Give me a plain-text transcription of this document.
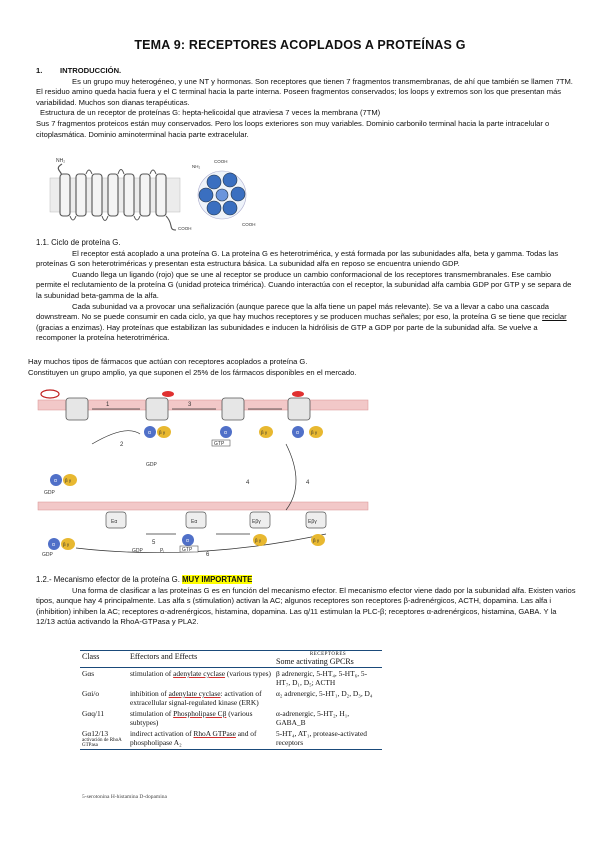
TEMA 9: RECEPTORES ACOPLADOS A PROTEÍNAS G

1. INTRODUCCIÓN.

Es un grupo muy heterogéneo, y une NT y hormonas. Son receptores que tienen 7 fragmentos transmembranas, de ahí que también se llamen 7TM. El residuo amino queda hacia fuera y el C terminal hacia la parte interna. Poseen fragmentos conservados; los loops y extremos son los que presentan más variabilidad. Muchos son dianas terapéuticas.

Estructura de un receptor de proteínas G: hepta-helicoidal que atraviesa 7 veces la membrana (7TM)

Sus 7 fragmentos proteicos están muy conservados. Pero los loops exteriores son muy variables. Dominio carbonilo terminal hacia la parte intracelular o citoplasmática. Dominio aminoterminal hacia parte extracelular.

NH₂
COOH
NH₂
COOH
COOH

1.1. Ciclo de proteína G.

El receptor está acoplado a una proteína G. La proteína G es heterotrimérica, y está formada por las subunidades alfa, beta y gamma. Todas las proteínas G son heterotriméricas y presentan esta estructura básica. La subunidad alfa en reposo se encuentra uniendo GDP.

Cuando llega un ligando (rojo) que se une al receptor se produce un cambio conformacional de los receptores transmembranales. Ese cambio permite el reclutamiento de la proteína G (unidad proteica trimérica). Cuando interactúa con el receptor, la subunidad alfa cambia GDP por GTP y se separa de la subunidad beta-gamma de la alfa.

Cada subunidad va a provocar una señalización (aunque parece que la alfa tiene un papel más relevante). Se va a llevar a cabo una cascada downstream. No se puede consumir en cada ciclo, ya que hay muchos receptores y se producen muchas señales; por eso, la proteína G se tiene que reciclar (gracias a enzimas). Hay proteínas que estabilizan las subunidades e inducen la hidrólisis de GTP a GDP por parte de la subunidad alfa. Se vuelve a recomponer la proteína heterotrimérica.

Hay muchos tipos de fármacos que actúan con receptores acoplados a proteína G.

Constituyen un grupo amplio, ya que suponen el 25% de los fármacos disponibles en el mercado.

1
2
3
4	4
5
6
α β γ
GDP
α β γ
GDP
α
GTP
β γ	α	β γ
Eα	Eα	Eβγ	Eβγ
α β γ
GDP
GDP	Pᵢ
α
GTP
β γ	β γ

1.2.- Mecanismo efector de la proteína G. MUY IMPORTANTE

Una forma de clasificar a las proteínas G es en función del mecanismo efector. El mecanismo efector viene dado por la subunidad alfa. Existen varios tipos, aunque hay 4 principalmente. Las alfa s (stimulation) activan la AC; algunos receptores son receptores β-adrenérgicos, ACTH, dopamina. Las alfa i (inhibition) inhiben la AC; receptores α-adrenérgicos, histamina, dopamina. Las q/11 estimulan la PLC-β; receptores α-adrenérgicos, histamina, GABA. Y la 12/13 actúa activando la RhoA-GTPasa y PLA2.

Class	Effectors and Effects	RECEPTORES
Some activating GPCRs
Gαs	stimulation of adenylate cyclase (various types)	β adrenergic, 5-HT₄, 5-HT₆, 5-HT₇, D₁, D₅; ACTH
Gαi/o	inhibition of adenylate cyclase: activation of extracellular signal-regulated kinase (ERK)	α₂ adrenergic, 5-HT₁, D₂, D₃, D₄
Gαq/11	stimulation of Phospholipase Cβ (various subtypes)	α-adrenergic, 5-HT₂, H₁, GABA_B
Gα12/13
activación de RhoA GTPasa	indirect activation of RhoA GTPase and of phospholipase A₂	5-HT₄, AT₁, protease-activated receptors
5-serotonina H-histamina D-dopamina
